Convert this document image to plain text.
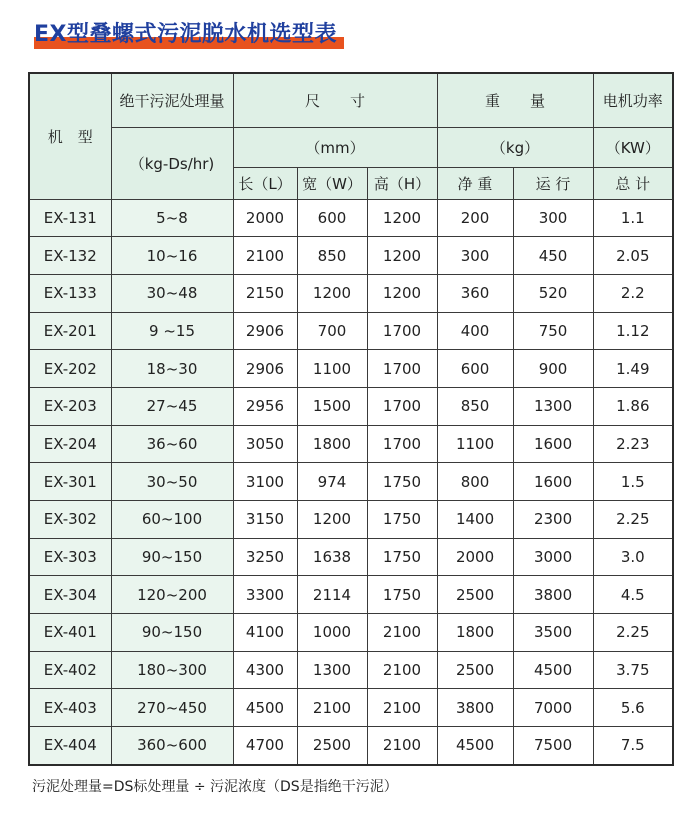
EX型叠螺式污泥脱水机选型表
机　型	绝干污泥处理量	尺　　寸			重　　量		电机功率
	（kg-Ds/hr)	（mm）			（kg）		（KW）
		长（L）	宽（W）	高（H）	净 重	运 行	总 计
EX-131	5~8	2000	600	1200	200	300	1.1
EX-132	10~16	2100	850	1200	300	450	2.05
EX-133	30~48	2150	1200	1200	360	520	2.2
EX-201	9 ~15	2906	700	1700	400	750	1.12
EX-202	18~30	2906	1100	1700	600	900	1.49
EX-203	27~45	2956	1500	1700	850	1300	1.86
EX-204	36~60	3050	1800	1700	1100	1600	2.23
EX-301	30~50	3100	974	1750	800	1600	1.5
EX-302	60~100	3150	1200	1750	1400	2300	2.25
EX-303	90~150	3250	1638	1750	2000	3000	3.0
EX-304	120~200	3300	2114	1750	2500	3800	4.5
EX-401	90~150	4100	1000	2100	1800	3500	2.25
EX-402	180~300	4300	1300	2100	2500	4500	3.75
EX-403	270~450	4500	2100	2100	3800	7000	5.6
EX-404	360~600	4700	2500	2100	4500	7500	7.5
污泥处理量=DS标处理量 ÷ 污泥浓度（DS是指绝干污泥）
